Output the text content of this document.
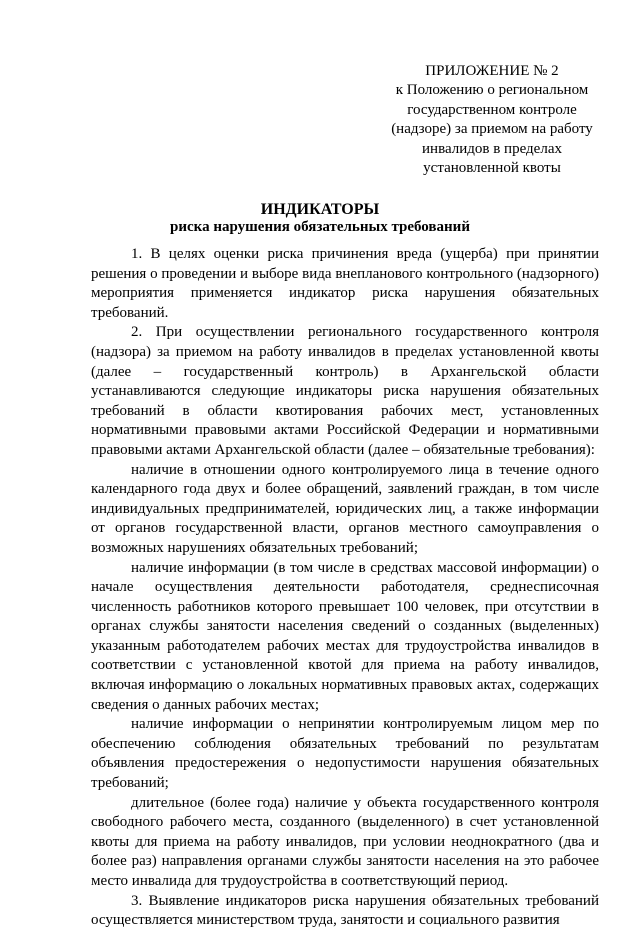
ПРИЛОЖЕНИЕ № 2
к Положению о региональном
государственном контроле
(надзоре) за приемом на работу
инвалидов в пределах
установленной квоты
ИНДИКАТОРЫ
риска нарушения обязательных требований

1. В целях оценки риска причинения вреда (ущерба) при принятии решения о проведении и выборе вида внепланового контрольного (надзорного) мероприятия применяется индикатор риска нарушения обязательных требований.

2. При осуществлении регионального государственного контроля (надзора) за приемом на работу инвалидов в пределах установленной квоты (далее – государственный контроль) в Архангельской области устанавливаются следующие индикаторы риска нарушения обязательных требований в области квотирования рабочих мест, установленных нормативными правовыми актами Российской Федерации и нормативными правовыми актами Архангельской области (далее – обязательные требования):

наличие в отношении одного контролируемого лица в течение одного календарного года двух и более обращений, заявлений граждан, в том числе индивидуальных предпринимателей, юридических лиц, а также информации от органов государственной власти, органов местного самоуправления о возможных нарушениях обязательных требований;

наличие информации (в том числе в средствах массовой информации) о начале осуществления деятельности работодателя, среднесписочная численность работников которого превышает 100 человек, при отсутствии в органах службы занятости населения сведений о созданных (выделенных) указанным работодателем рабочих местах для трудоустройства инвалидов в соответствии с установленной квотой для приема на работу инвалидов, включая информацию о локальных нормативных правовых актах, содержащих сведения о данных рабочих местах;

наличие информации о непринятии контролируемым лицом мер по обеспечению соблюдения обязательных требований по результатам объявления предостережения о недопустимости нарушения обязательных требований;

длительное (более года) наличие у объекта государственного контроля свободного рабочего места, созданного (выделенного) в счет установленной квоты для приема на работу инвалидов, при условии неоднократного (два и более раз) направления органами службы занятости населения на это рабочее место инвалида для трудоустройства в соответствующий период.

3. Выявление индикаторов риска нарушения обязательных требований осуществляется министерством труда, занятости и социального развития
